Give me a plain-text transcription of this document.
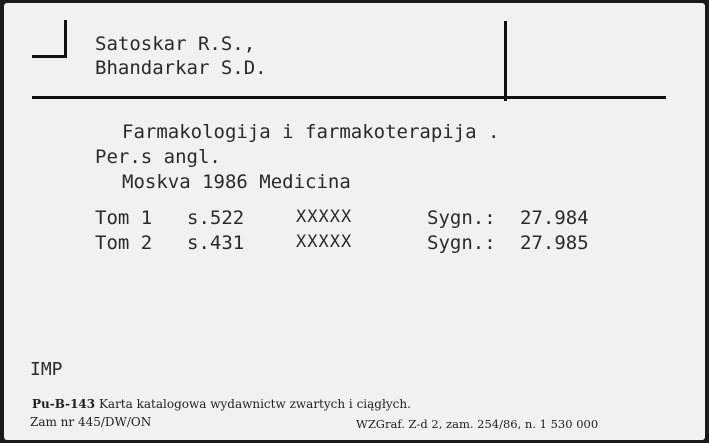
Satoskar R.S.,
Bhandarkar S.D.
Farmakologija i farmakoterapija .
Per.s angl.
Moskva 1986 Medicina
Tom 1 s.522	XXXXX	Sygn.: 27.984
Tom 2 s.431	XXXXX	Sygn.: 27.985
IMP
Pu-B-143 Karta katalogowa wydawnictw zwartych i ciągłych.
Zam nr 445/DW/ON	WZGraf. Z-d 2, zam. 254/86, n. 1 530 000
